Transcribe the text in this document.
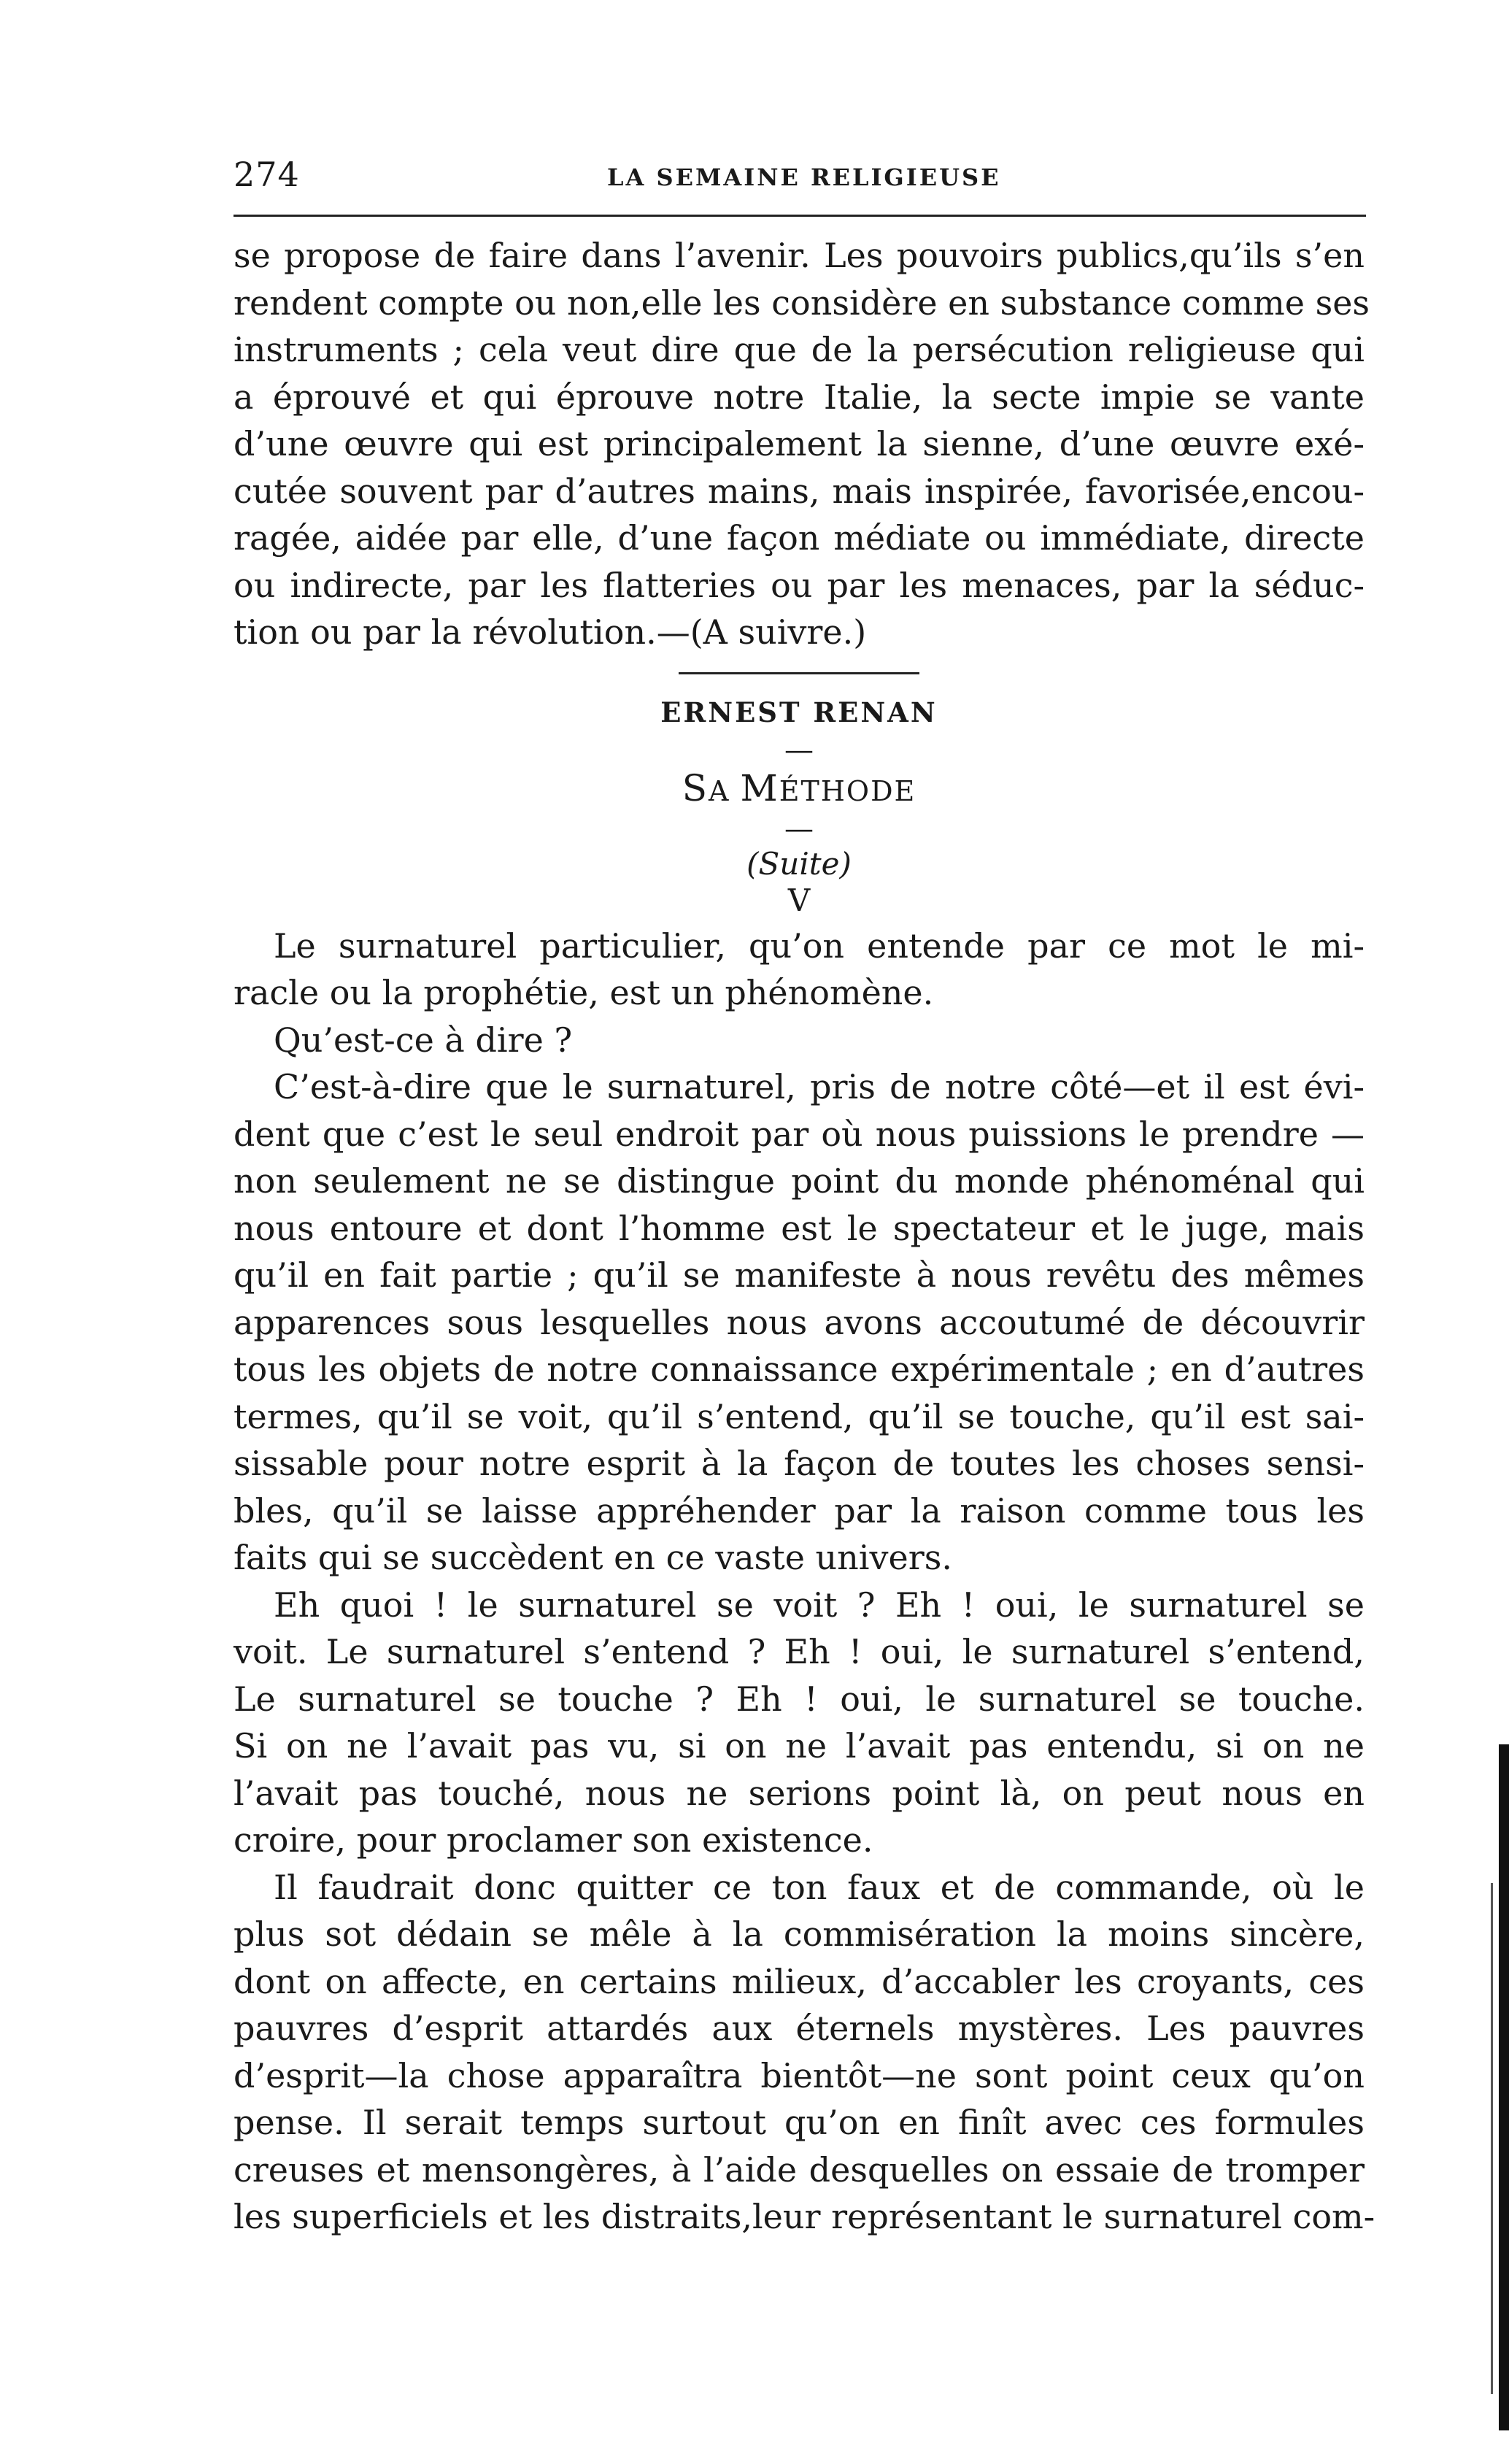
274	LA SEMAINE RELIGIEUSE
se propose de faire dans l’avenir. Les pouvoirs publics,qu’ils s’en
rendent compte ou non,elle les considère en substance comme ses
instruments ; cela veut dire que de la persécution religieuse qui
a éprouvé et qui éprouve notre Italie, la secte impie se vante
d’une œuvre qui est principalement la sienne, d’une œuvre exé-
cutée souvent par d’autres mains, mais inspirée, favorisée,encou-
ragée, aidée par elle, d’une façon médiate ou immédiate, directe
ou indirecte, par les flatteries ou par les menaces, par la séduc-
tion ou par la révolution.—(A suivre.)
ERNEST RENAN
—
SA MÉTHODE
—
(Suite)
V
Le surnaturel particulier, qu’on entende par ce mot le mi-
racle ou la prophétie, est un phénomène.
Qu’est-ce à dire ?
C’est-à-dire que le surnaturel, pris de notre côté—et il est évi-
dent que c’est le seul endroit par où nous puissions le prendre —
non seulement ne se distingue point du monde phénoménal qui
nous entoure et dont l’homme est le spectateur et le juge, mais
qu’il en fait partie ; qu’il se manifeste à nous revêtu des mêmes
apparences sous lesquelles nous avons accoutumé de découvrir
tous les objets de notre connaissance expérimentale ; en d’autres
termes, qu’il se voit, qu’il s’entend, qu’il se touche, qu’il est sai-
sissable pour notre esprit à la façon de toutes les choses sensi-
bles, qu’il se laisse appréhender par la raison comme tous les
faits qui se succèdent en ce vaste univers.
Eh quoi ! le surnaturel se voit ? Eh ! oui, le surnaturel se
voit. Le surnaturel s’entend ? Eh ! oui, le surnaturel s’entend,
Le surnaturel se touche ? Eh ! oui, le surnaturel se touche.
Si on ne l’avait pas vu, si on ne l’avait pas entendu, si on ne
l’avait pas touché, nous ne serions point là, on peut nous en
croire, pour proclamer son existence.
Il faudrait donc quitter ce ton faux et de commande, où le
plus sot dédain se mêle à la commisération la moins sincère,
dont on affecte, en certains milieux, d’accabler les croyants, ces
pauvres d’esprit attardés aux éternels mystères. Les pauvres
d’esprit—la chose apparaîtra bientôt—ne sont point ceux qu’on
pense. Il serait temps surtout qu’on en finît avec ces formules
creuses et mensongères, à l’aide desquelles on essaie de tromper
les superficiels et les distraits,leur représentant le surnaturel com-
